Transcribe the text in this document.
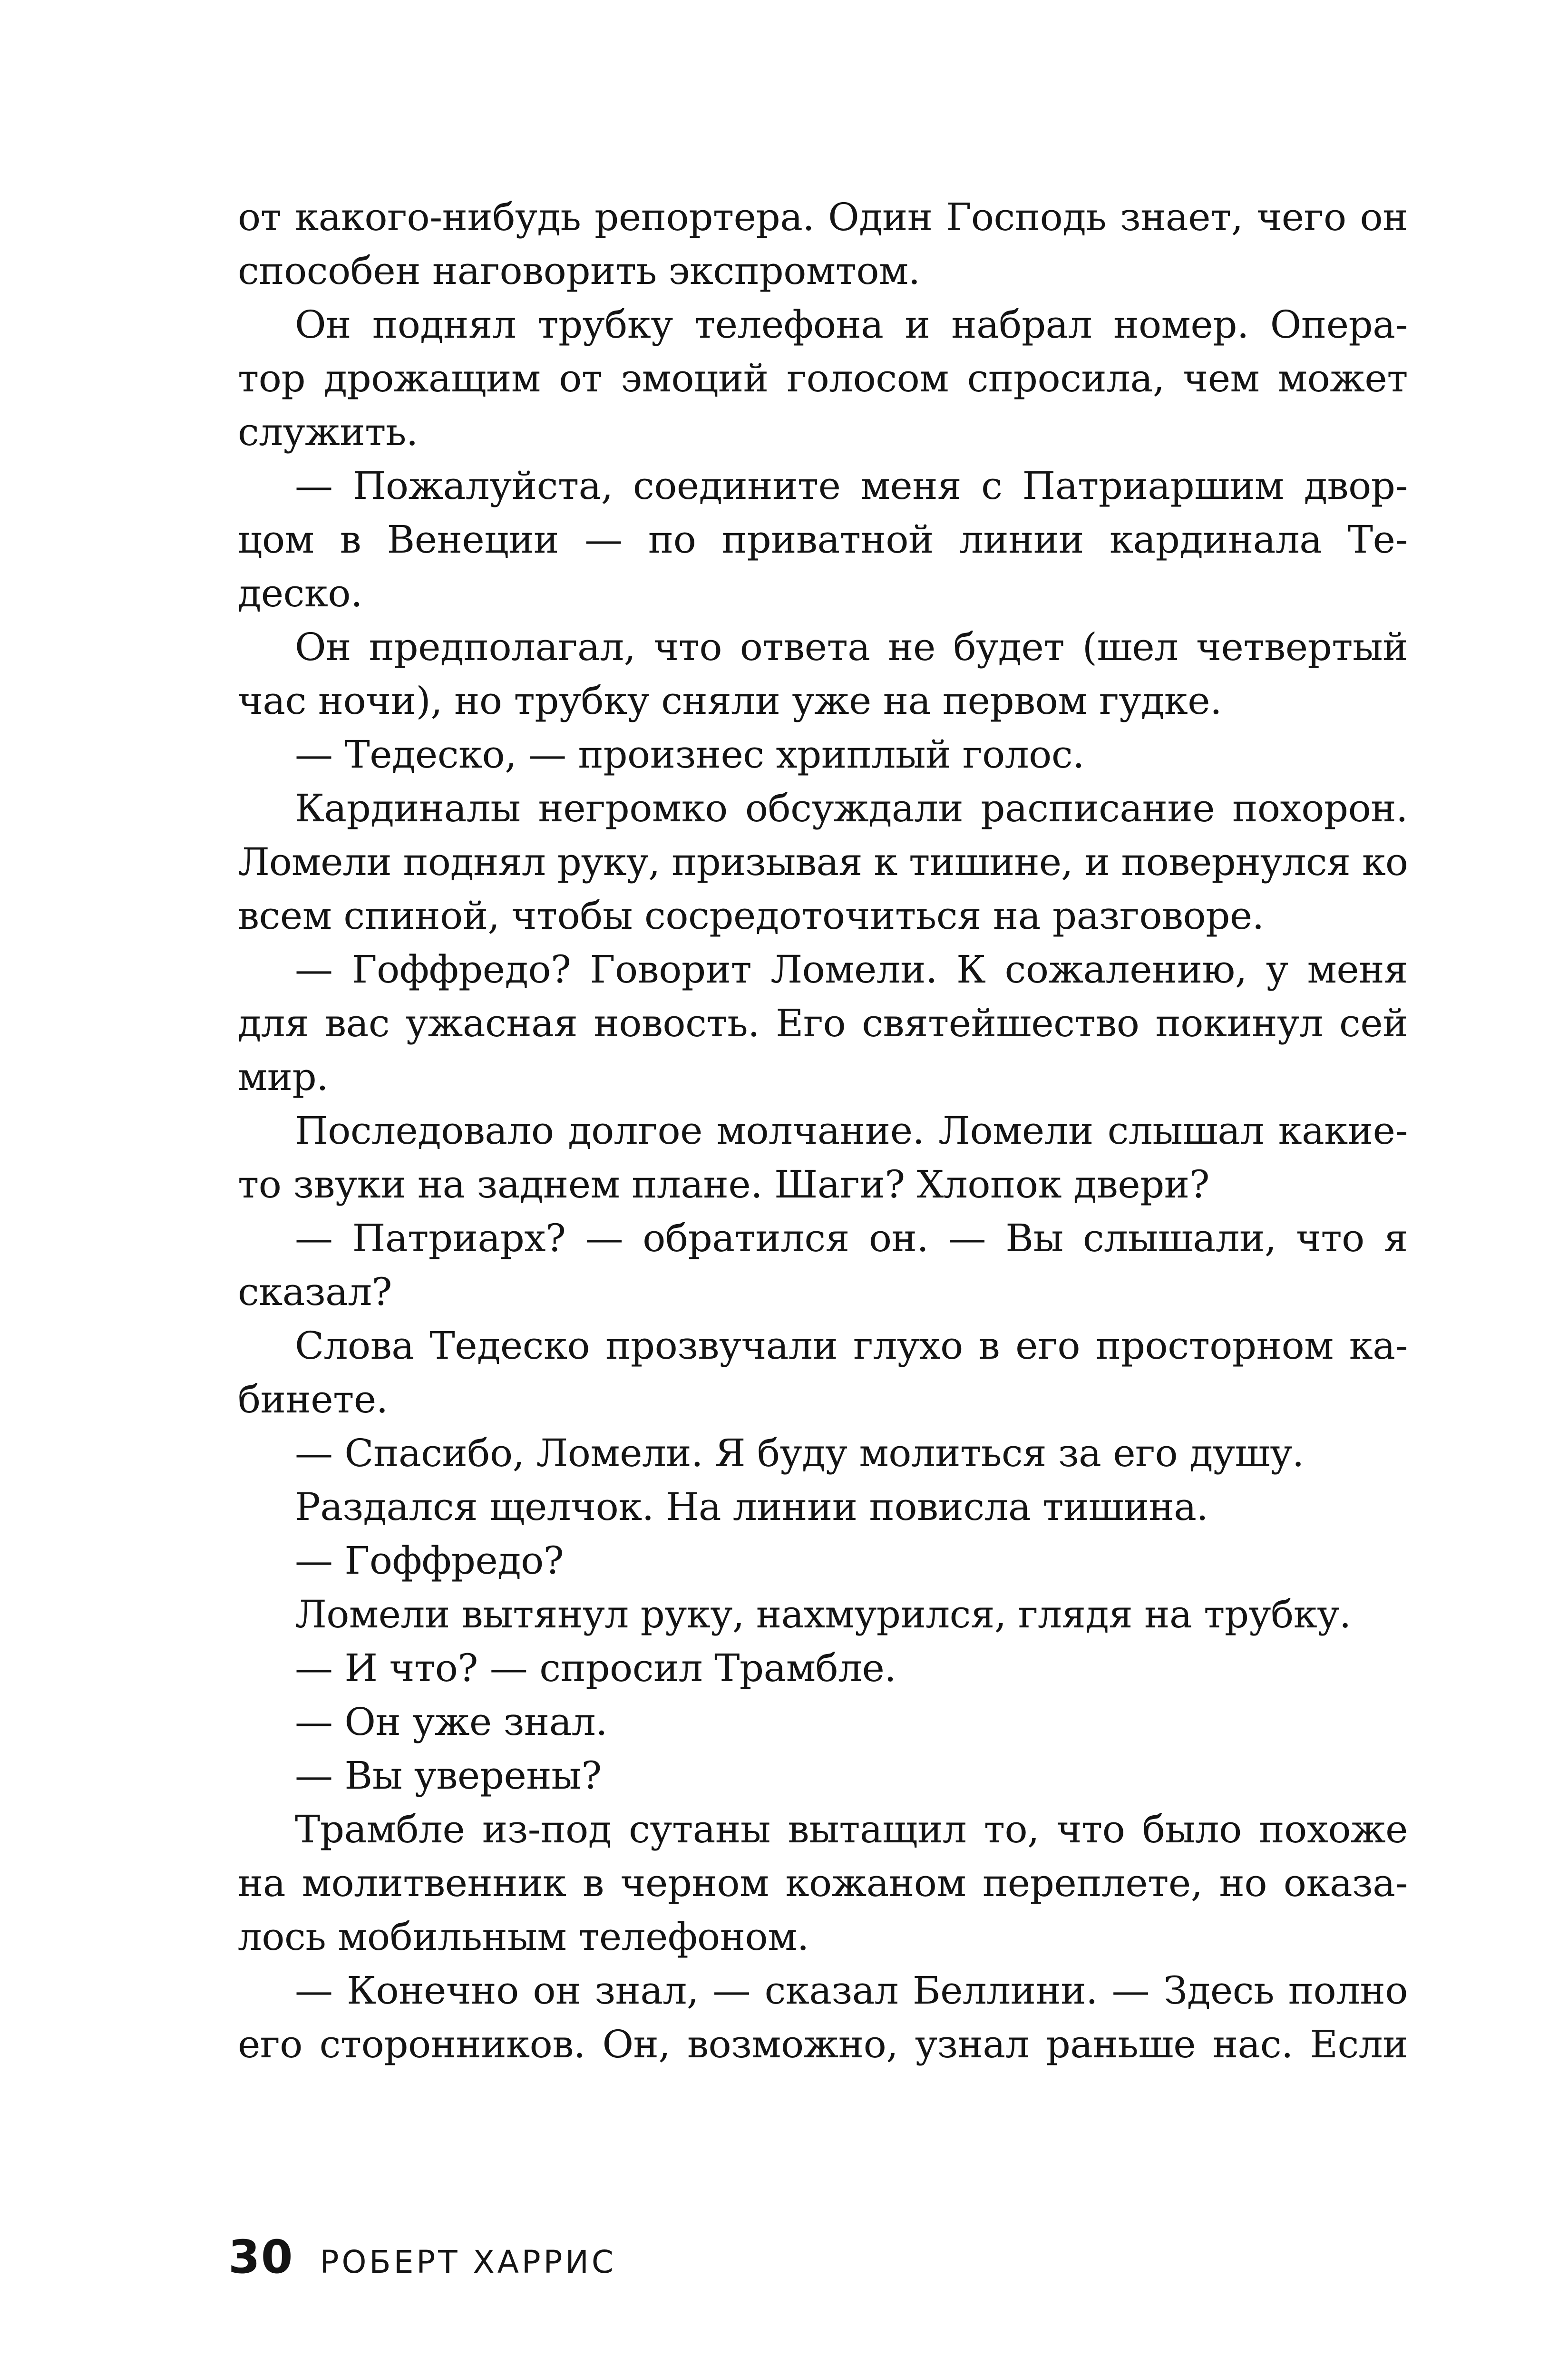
от какого-нибудь репортера. Один Господь знает, чего он
способен наговорить экспромтом.
Он поднял трубку телефона и набрал номер. Опера-
тор дрожащим от эмоций голосом спросила, чем может
служить.
— Пожалуйста, соедините меня с Патриаршим двор-
цом в Венеции — по приватной линии кардинала Те-
деско.
Он предполагал, что ответа не будет (шел четвертый
час ночи), но трубку сняли уже на первом гудке.
— Тедеско, — произнес хриплый голос.
Кардиналы негромко обсуждали расписание похорон.
Ломели поднял руку, призывая к тишине, и повернулся ко
всем спиной, чтобы сосредоточиться на разговоре.
— Гоффредо? Говорит Ломели. К сожалению, у меня
для вас ужасная новость. Его святейшество покинул сей
мир.
Последовало долгое молчание. Ломели слышал какие-
то звуки на заднем плане. Шаги? Хлопок двери?
— Патриарх? — обратился он. — Вы слышали, что я
сказал?
Слова Тедеско прозвучали глухо в его просторном ка-
бинете.
— Спасибо, Ломели. Я буду молиться за его душу.
Раздался щелчок. На линии повисла тишина.
— Гоффредо?
Ломели вытянул руку, нахмурился, глядя на трубку.
— И что? — спросил Трамбле.
— Он уже знал.
— Вы уверены?
Трамбле из-под сутаны вытащил то, что было похоже
на молитвенник в черном кожаном переплете, но оказа-
лось мобильным телефоном.
— Конечно он знал, — сказал Беллини. — Здесь полно
его сторонников. Он, возможно, узнал раньше нас. Если
30 РОБЕРТ ХАРРИС
